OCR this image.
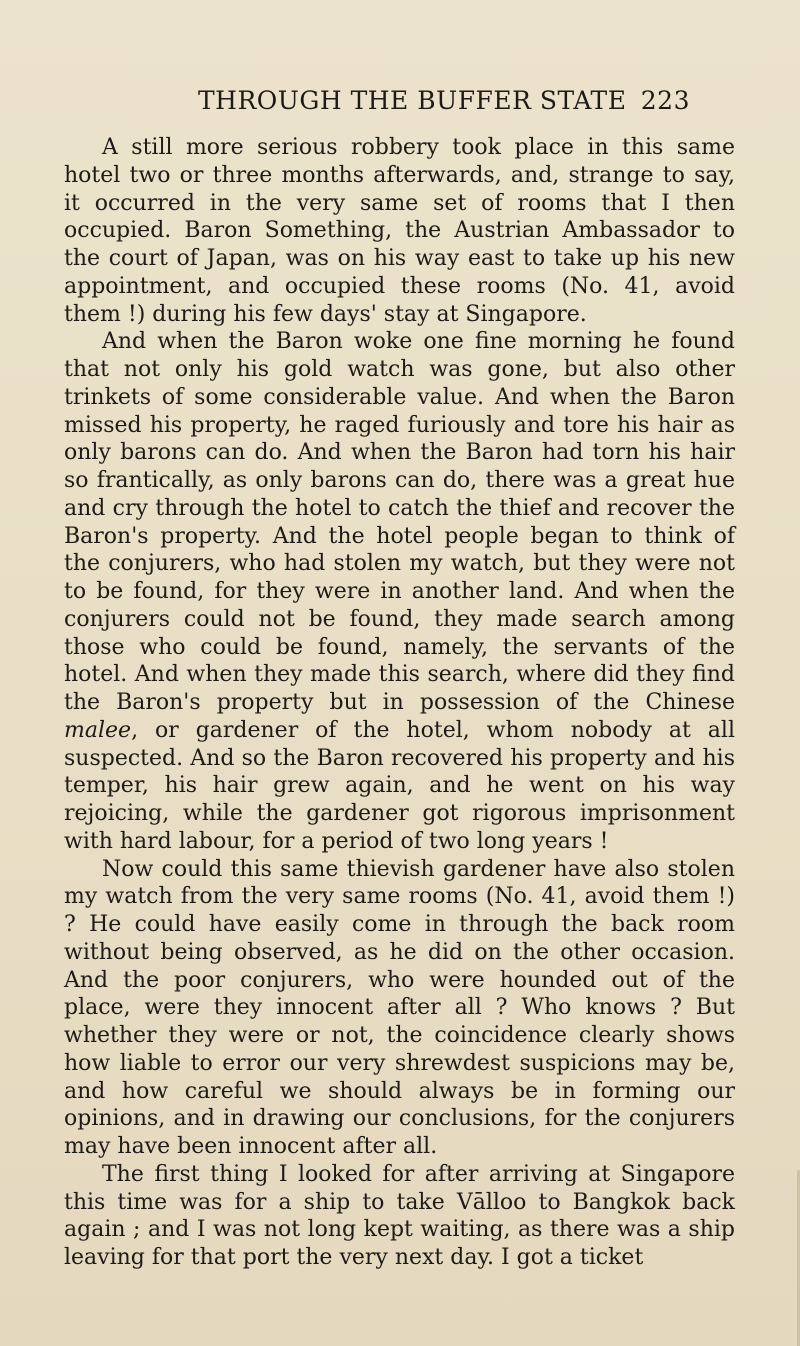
THROUGH THE BUFFER STATE 223

A still more serious robbery took place in this same hotel two or three months afterwards, and, strange to say, it occurred in the very same set of rooms that I then occupied. Baron Something, the Austrian Ambassador to the court of Japan, was on his way east to take up his new appointment, and occupied these rooms (No. 41, avoid them !) during his few days' stay at Singapore.

And when the Baron woke one fine morning he found that not only his gold watch was gone, but also other trinkets of some considerable value. And when the Baron missed his property, he raged furiously and tore his hair as only barons can do. And when the Baron had torn his hair so frantically, as only barons can do, there was a great hue and cry through the hotel to catch the thief and recover the Baron's property. And the hotel people began to think of the conjurers, who had stolen my watch, but they were not to be found, for they were in another land. And when the conjurers could not be found, they made search among those who could be found, namely, the servants of the hotel. And when they made this search, where did they find the Baron's property but in possession of the Chinese malee, or gardener of the hotel, whom nobody at all suspected. And so the Baron recovered his property and his temper, his hair grew again, and he went on his way rejoicing, while the gardener got rigorous imprisonment with hard labour, for a period of two long years !

Now could this same thievish gardener have also stolen my watch from the very same rooms (No. 41, avoid them !) ? He could have easily come in through the back room without being observed, as he did on the other occasion. And the poor conjurers, who were hounded out of the place, were they innocent after all ? Who knows ? But whether they were or not, the coincidence clearly shows how liable to error our very shrewdest suspicions may be, and how careful we should always be in forming our opinions, and in drawing our conclusions, for the conjurers may have been innocent after all.

The first thing I looked for after arriving at Singapore this time was for a ship to take Vālloo to Bangkok back again ; and I was not long kept waiting, as there was a ship leaving for that port the very next day. I got a ticket
